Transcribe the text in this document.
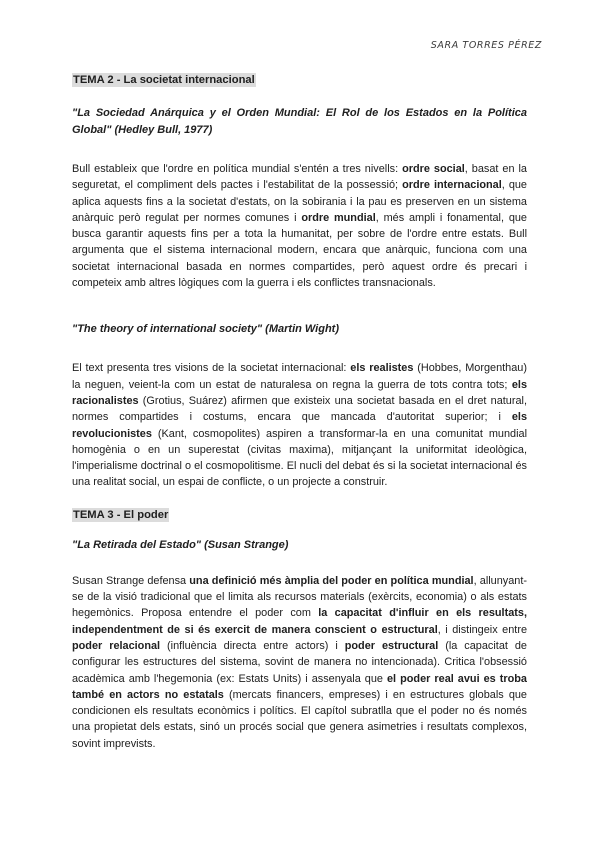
SARA TORRES PÉREZ
TEMA 2 - La societat internacional

"La Sociedad Anárquica y el Orden Mundial: El Rol de los Estados en la Política Global" (Hedley Bull, 1977)

Bull estableix que l'ordre en política mundial s'entén a tres nivells: ordre social, basat en la seguretat, el compliment dels pactes i l'estabilitat de la possessió; ordre internacional, que aplica aquests fins a la societat d'estats, on la sobirania i la pau es preserven en un sistema anàrquic però regulat per normes comunes i ordre mundial, més ampli i fonamental, que busca garantir aquests fins per a tota la humanitat, per sobre de l'ordre entre estats. Bull argumenta que el sistema internacional modern, encara que anàrquic, funciona com una societat internacional basada en normes compartides, però aquest ordre és precari i competeix amb altres lògiques com la guerra i els conflictes transnacionals.

"The theory of international society" (Martin Wight)

El text presenta tres visions de la societat internacional: els realistes (Hobbes, Morgenthau) la neguen, veient-la com un estat de naturalesa on regna la guerra de tots contra tots; els racionalistes (Grotius, Suárez) afirmen que existeix una societat basada en el dret natural, normes compartides i costums, encara que mancada d'autoritat superior; i els revolucionistes (Kant, cosmopolites) aspiren a transformar-la en una comunitat mundial homogènia o en un superestat (civitas maxima), mitjançant la uniformitat ideològica, l'imperialisme doctrinal o el cosmopolitisme. El nucli del debat és si la societat internacional és una realitat social, un espai de conflicte, o un projecte a construir.

TEMA 3 - El poder

"La Retirada del Estado" (Susan Strange)

Susan Strange defensa una definició més àmplia del poder en política mundial, allunyant-se de la visió tradicional que el limita als recursos materials (exèrcits, economia) o als estats hegemònics. Proposa entendre el poder com la capacitat d'influir en els resultats, independentment de si és exercit de manera conscient o estructural, i distingeix entre poder relacional (influència directa entre actors) i poder estructural (la capacitat de configurar les estructures del sistema, sovint de manera no intencionada). Critica l'obsessió acadèmica amb l'hegemonia (ex: Estats Units) i assenyala que el poder real avui es troba també en actors no estatals (mercats financers, empreses) i en estructures globals que condicionen els resultats econòmics i polítics. El capítol subratlla que el poder no és només una propietat dels estats, sinó un procés social que genera asimetries i resultats complexos, sovint imprevists.
